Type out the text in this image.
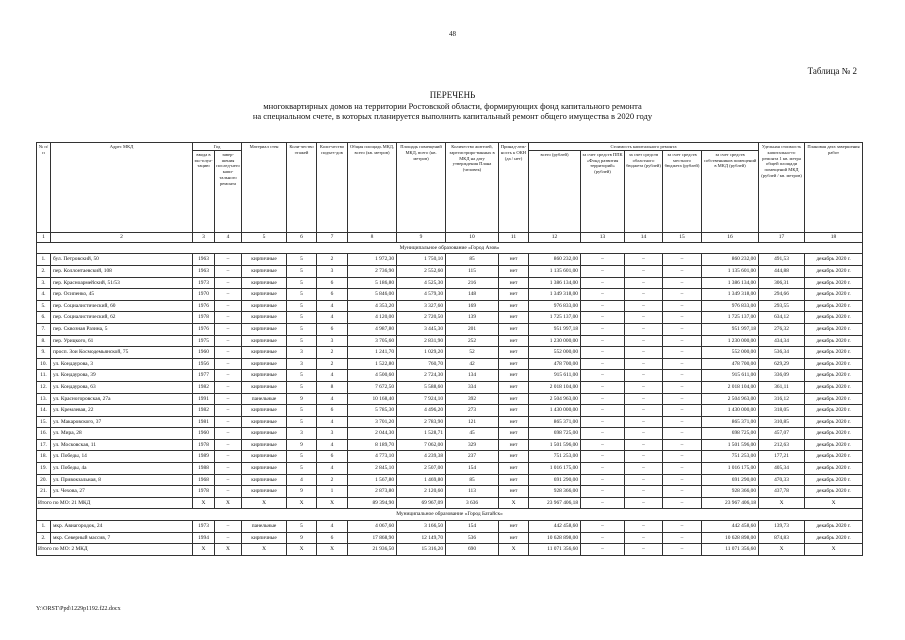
48
Таблица № 2
ПЕРЕЧЕНЬ
многоквартирных домов на территории Ростовской области, формирующих фонд капитального ремонта
на специальном счете, в которых планируется выполнить капитальный ремонт общего имущества в 2020 году
№ п/п	Адрес МКД	Год		Материал стен	Коли-чество этажей	Коли-чество подъез-дов	Общая площадь МКД, всего (кв. метров)	Площадь помещений МКД, всего (кв. метров)	Количество жителей, зарегистриро-ванных в МКД на дату утверждения Плана (человек)	Принад-леж-ность к ОКН (да / нет)	Стоимость капитального ремонта					Удельная стоимость капитально-го ремонта 1 кв. метра общей площади помещений МКД (рублей / кв. метров)	Плановая дата завершения работ
		ввода в экс-плуа-тацию	завер-шения послед-него капи-тального ремонта								всего (рублей)	за счет средств ППК «Фонд развития территорий» (рублей)	за счет средств областного бюджета (рублей)	за счет средств местного бюджета (рублей)	за счет средств собственников помещений в МКД (рублей)		
1	2	3	4	5	6	7	8	9	10	11	12	13	14	15	16	17	18
Муниципальное образование «Город Азов»																	
1.	бул. Петровский, 50	1963	–	кирпичные	5	2	1 972,30	1 750,10	85	нет	860 232,00	–	–	–	860 232,00	491,53	декабрь 2020 г.
2.	пер. Коллонтаевский, 108	1963	–	кирпичные	5	3	2 736,90	2 552,60	115	нет	1 135 601,00	–	–	–	1 135 601,00	444,88	декабрь 2020 г.
3.	пер. Красноармейский, 51/53	1973	–	кирпичные	5	6	5 186,80	4 525,30	216	нет	1 386 134,00	–	–	–	1 386 134,00	306,31	декабрь 2020 г.
4.	пер. Осипенко, 45	1970	–	кирпичные	5	6	5 846,00	4 579,30	148	нет	1 349 318,00	–	–	–	1 349 318,00	294,66	декабрь 2020 г.
5.	пер. Социалистический, 60	1976	–	кирпичные	5	4	4 353,20	3 327,60	169	нет	976 833,00	–	–	–	976 833,00	293,55	декабрь 2020 г.
6.	пер. Социалистический, 62	1978	–	кирпичные	5	4	4 120,00	2 720,50	139	нет	1 725 137,00	–	–	–	1 725 137,00	634,12	декабрь 2020 г.
7.	пер. Сквозная Разина, 5	1976	–	кирпичные	5	6	4 987,80	3 445,30	201	нет	951 997,18	–	–	–	951 997,18	276,32	декабрь 2020 г.
8.	пер. Урицкого, 61	1975	–	кирпичные	5	3	3 705,60	2 831,90	252	нет	1 230 000,00	–	–	–	1 230 000,00	434,34	декабрь 2020 г.
9.	просп. Зои Космодемьянской, 75	1960	–	кирпичные	3	2	1 241,70	1 029,20	52	нет	552 000,00	–	–	–	552 000,00	536,34	декабрь 2020 г.
10.	ул. Кондаурова, 3	1956	–	кирпичные	3	2	1 522,80	760,70	42	нет	478 700,00	–	–	–	478 700,00	629,29	декабрь 2020 г.
11.	ул. Кондаурова, 39	1977	–	кирпичные	5	4	4 500,60	2 724,30	134	нет	915 611,00	–	–	–	915 611,00	336,09	декабрь 2020 г.
12.	ул. Кондаурова, 63	1982	–	кирпичные	5	8	7 672,50	5 588,60	334	нет	2 018 104,00	–	–	–	2 018 104,00	361,11	декабрь 2020 г.
13.	ул. Красногоровская, 27а	1991	–	панельные	9	4	10 168,40	7 924,10	392	нет	2 504 963,00	–	–	–	2 504 963,00	316,12	декабрь 2020 г.
14.	ул. Кремлевая, 22	1982	–	кирпичные	5	6	5 785,30	4 496,20	273	нет	1 430 000,00	–	–	–	1 430 000,00	318,05	декабрь 2020 г.
15.	ул. Макаровского, 37	1981	–	кирпичные	5	4	3 701,20	2 783,90	121	нет	865 371,00	–	–	–	865 371,00	310,85	декабрь 2020 г.
16.	ул. Мира, 28	1960	–	кирпичные	3	3	2 044,30	1 528,71	45	нет	698 725,00	–	–	–	698 725,00	457,07	декабрь 2020 г.
17.	ул. Московская, 11	1978	–	кирпичные	9	4	8 189,70	7 062,00	329	нет	1 501 596,00	–	–	–	1 501 596,00	212,63	декабрь 2020 г.
18.	ул. Победы, 14	1989	–	кирпичные	5	6	4 773,10	4 239,38	237	нет	751 253,00	–	–	–	751 253,00	177,21	декабрь 2020 г.
19.	ул. Победы, 4а	1988	–	кирпичные	5	4	2 845,10	2 507,00	154	нет	1 016 175,00	–	–	–	1 016 175,00	405,34	декабрь 2020 г.
20.	ул. Привокзальная, 8	1968	–	кирпичные	4	2	1 567,80	1 469,80	85	нет	691 290,00	–	–	–	691 290,00	470,33	декабрь 2020 г.
21.	ул. Чехова, 27	1978	–	кирпичные	9	1	2 873,80	2 120,60	113	нет	928 366,00	–	–	–	928 366,00	437,78	декабрь 2020 г.
Итого по МО: 21 МКД		X	X	X	X	X	89 394,90	69 967,09	3 636	X	23 967 406,18	–	–	–	23 967 406,18	X	X
Муниципальное образование «Город Батайск»																	
1.	мкр. Авиагородок, 24	1973	–	панельные	5	4	4 067,60	3 166,50	154	нет	442 458,60	–	–	–	442 458,60	139,73	декабрь 2020 г.
2.	мкр. Северный массив, 7	1994	–	кирпичные	9	6	17 868,90	12 149,70	536	нет	10 628 898,00	–	–	–	10 628 898,00	874,83	декабрь 2020 г.
Итого по МО: 2 МКД		X	X	X	X	X	21 936,50	15 316,20	690	X	11 071 356,60	–	–	–	11 071 356,60	X	X
Y:\ORST\Ppd\1229p1192.f22.docx
